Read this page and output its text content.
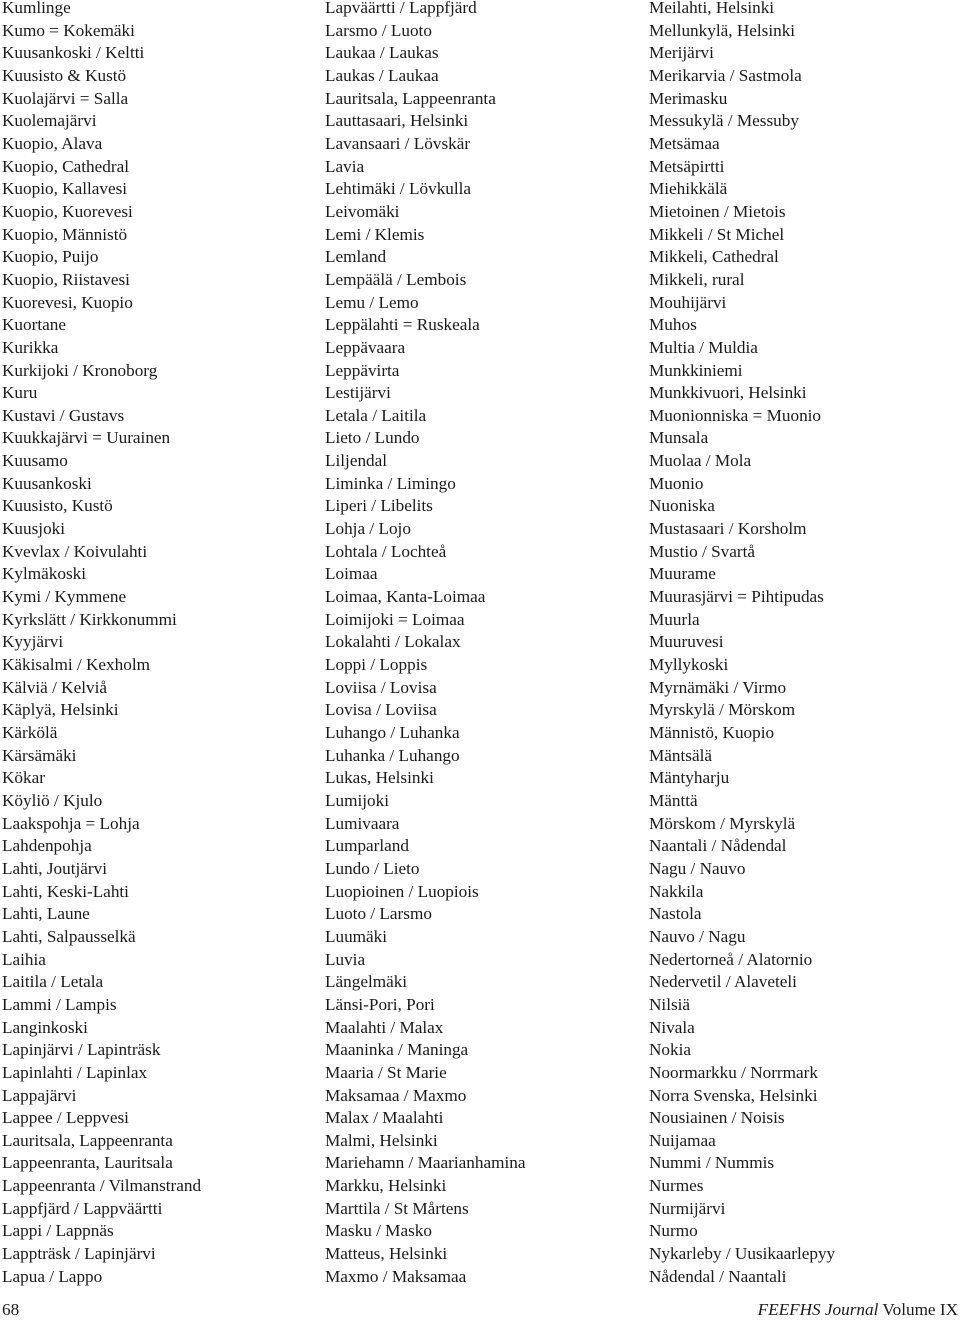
Kumlinge
Kumo = Kokemäki
Kuusankoski / Keltti
Kuusisto & Kustö
Kuolajärvi = Salla
Kuolemajärvi
Kuopio, Alava
Kuopio, Cathedral
Kuopio, Kallavesi
Kuopio, Kuorevesi
Kuopio, Männistö
Kuopio, Puijo
Kuopio, Riistavesi
Kuorevesi, Kuopio
Kuortane
Kurikka
Kurkijoki / Kronoborg
Kuru
Kustavi / Gustavs
Kuukkajärvi = Uurainen
Kuusamo
Kuusankoski
Kuusisto, Kustö
Kuusjoki
Kvevlax / Koivulahti
Kylmäkoski
Kymi / Kymmene
Kyrkslätt / Kirkkonummi
Kyyjärvi
Käkisalmi / Kexholm
Kälviä / Kelviå
Käplyä, Helsinki
Kärkölä
Kärsämäki
Kökar
Köyliö / Kjulo
Laakspohja = Lohja
Lahdenpohja
Lahti, Joutjärvi
Lahti, Keski-Lahti
Lahti, Laune
Lahti, Salpausselkä
Laihia
Laitila / Letala
Lammi / Lampis
Langinkoski
Lapinjärvi / Lapinträsk
Lapinlahti / Lapinlax
Lappajärvi
Lappee / Leppvesi
Lauritsala, Lappeenranta
Lappeenranta, Lauritsala
Lappeenranta / Vilmanstrand
Lappfjärd / Lappväärtti
Lappi / Lappnäs
Lappträsk / Lapinjärvi
Lapua / Lappo
Lapväärtti / Lappfjärd
Larsmo / Luoto
Laukaa / Laukas
Laukas / Laukaa
Lauritsala, Lappeenranta
Lauttasaari, Helsinki
Lavansaari / Lövskär
Lavia
Lehtimäki / Lövkulla
Leivomäki
Lemi / Klemis
Lemland
Lempäälä / Lembois
Lemu / Lemo
Leppälahti = Ruskeala
Leppävaara
Leppävirta
Lestijärvi
Letala / Laitila
Lieto / Lundo
Liljendal
Liminka / Limingo
Liperi / Libelits
Lohja / Lojo
Lohtala / Lochteå
Loimaa
Loimaa, Kanta-Loimaa
Loimijoki = Loimaa
Lokalahti / Lokalax
Loppi / Loppis
Loviisa / Lovisa
Lovisa / Loviisa
Luhango / Luhanka
Luhanka / Luhango
Lukas, Helsinki
Lumijoki
Lumivaara
Lumparland
Lundo / Lieto
Luopioinen / Luopiois
Luoto / Larsmo
Luumäki
Luvia
Längelmäki
Länsi-Pori, Pori
Maalahti / Malax
Maaninka / Maninga
Maaria / St Marie
Maksamaa / Maxmo
Malax / Maalahti
Malmi, Helsinki
Mariehamn / Maarianhamina
Markku, Helsinki
Marttila / St Mårtens
Masku / Masko
Matteus, Helsinki
Maxmo / Maksamaa
Meilahti, Helsinki
Mellunkylä, Helsinki
Merijärvi
Merikarvia / Sastmola
Merimasku
Messukylä / Messuby
Metsämaa
Metsäpirtti
Miehikkälä
Mietoinen / Mietois
Mikkeli / St Michel
Mikkeli, Cathedral
Mikkeli, rural
Mouhijärvi
Muhos
Multia / Muldia
Munkkiniemi
Munkkivuori, Helsinki
Muonionniska = Muonio
Munsala
Muolaa / Mola
Muonio
Nuoniska
Mustasaari / Korsholm
Mustio / Svartå
Muurame
Muurasjärvi = Pihtipudas
Muurla
Muuruvesi
Myllykoski
Myrnämäki / Virmo
Myrskylä / Mörskom
Männistö, Kuopio
Mäntsälä
Mäntyharju
Mänttä
Mörskom / Myrskylä
Naantali / Nådendal
Nagu / Nauvo
Nakkila
Nastola
Nauvo / Nagu
Nedertorneå / Alatornio
Nedervetil / Alaveteli
Nilsiä
Nivala
Nokia
Noormarkku / Norrmark
Norra Svenska, Helsinki
Nousiainen / Noisis
Nuijamaa
Nummi / Nummis
Nurmes
Nurmijärvi
Nurmo
Nykarleby / Uusikaarlepyy
Nådendal / Naantali
68	FEEFHS Journal Volume IX
